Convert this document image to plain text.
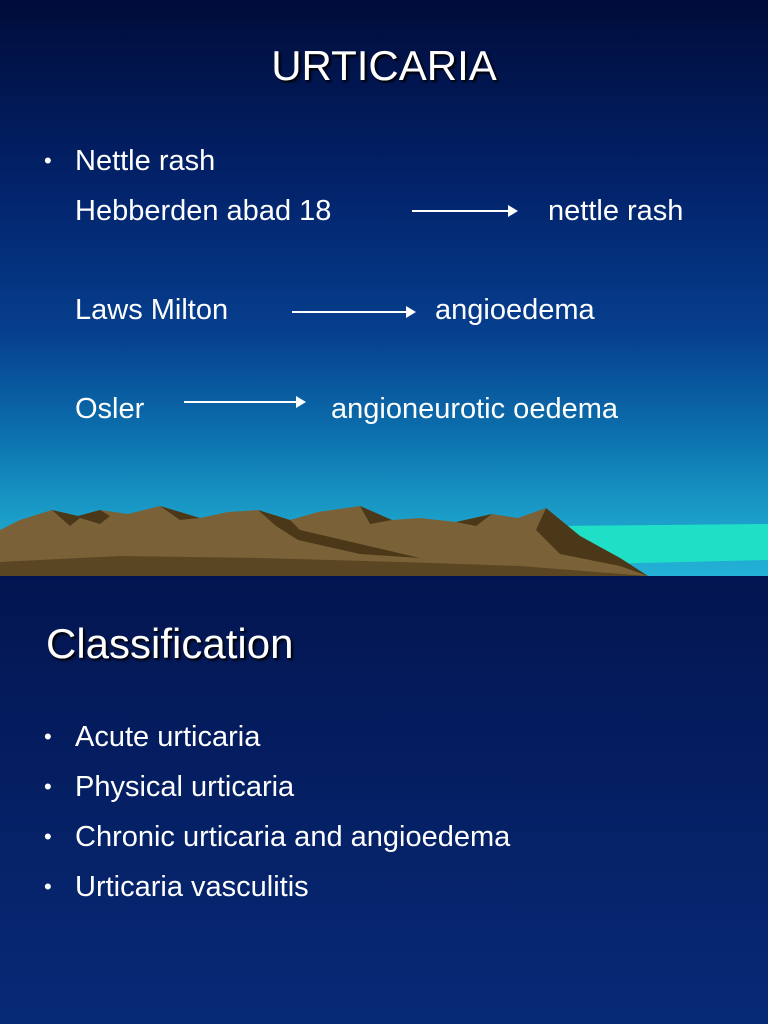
URTICARIA
• Nettle rash
Hebberden abad 18	nettle rash
Laws Milton	angioedema
Osler	angioneurotic oedema
Classification
• Acute urticaria
• Physical urticaria
• Chronic urticaria and angioedema
• Urticaria vasculitis
